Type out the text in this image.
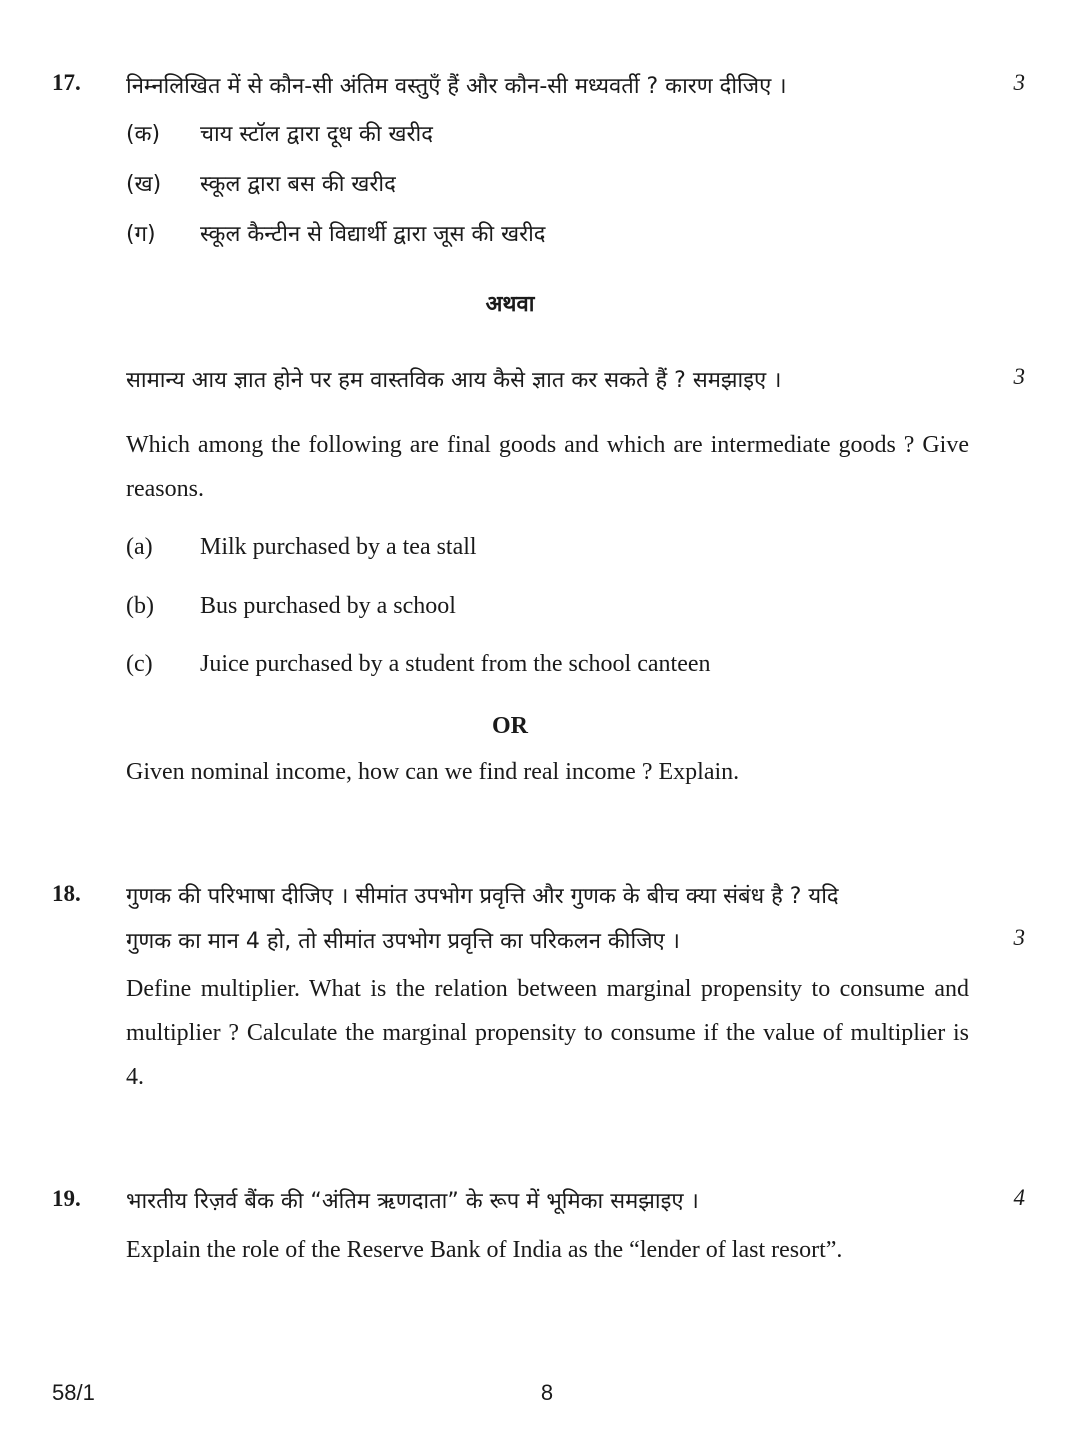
17. निम्नलिखित में से कौन-सी अंतिम वस्तुएँ हैं और कौन-सी मध्यवर्ती ? कारण दीजिए ।	3
(क) चाय स्टॉल द्वारा दूध की खरीद
(ख) स्कूल द्वारा बस की खरीद
(ग) स्कूल कैन्टीन से विद्यार्थी द्वारा जूस की खरीद
अथवा
सामान्य आय ज्ञात होने पर हम वास्तविक आय कैसे ज्ञात कर सकते हैं ? समझाइए ।	3
Which among the following are final goods and which are intermediate goods ? Give reasons.
(a) Milk purchased by a tea stall
(b) Bus purchased by a school
(c) Juice purchased by a student from the school canteen
OR
Given nominal income, how can we find real income ? Explain.
18. गुणक की परिभाषा दीजिए । सीमांत उपभोग प्रवृत्ति और गुणक के बीच क्या संबंध है ? यदि
गुणक का मान 4 हो, तो सीमांत उपभोग प्रवृत्ति का परिकलन कीजिए ।	3
Define multiplier. What is the relation between marginal propensity to consume and multiplier ? Calculate the marginal propensity to consume if the value of multiplier is 4.
19. भारतीय रिज़र्व बैंक की “अंतिम ऋणदाता” के रूप में भूमिका समझाइए ।	4
Explain the role of the Reserve Bank of India as the “lender of last resort”.
58/1	8
